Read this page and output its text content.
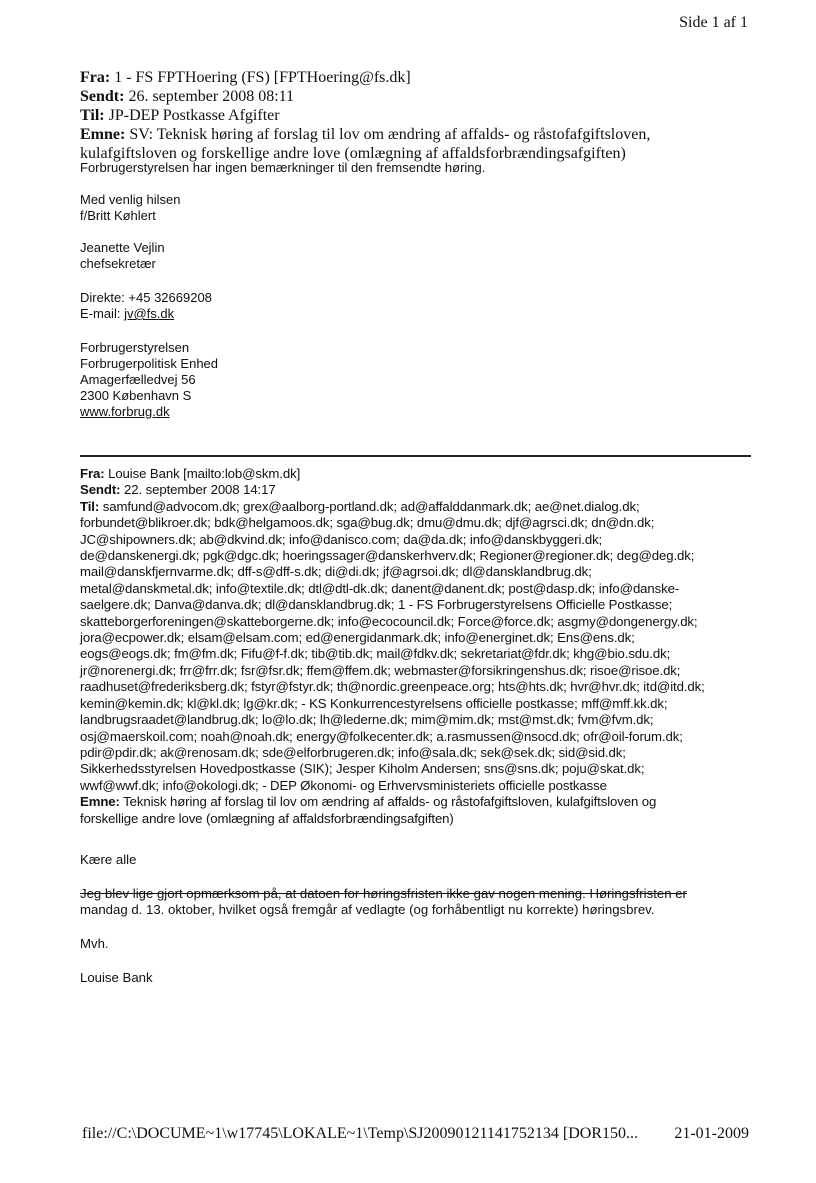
Side 1 af 1
Fra: 1 - FS FPTHoering (FS) [FPTHoering@fs.dk]
Sendt: 26. september 2008 08:11
Til: JP-DEP Postkasse Afgifter
Emne: SV: Teknisk høring af forslag til lov om ændring af affalds- og råstofafgiftsloven,
kulafgiftsloven og forskellige andre love (omlægning af affaldsforbrændingsafgiften)
Forbrugerstyrelsen har ingen bemærkninger til den fremsendte høring.
Med venlig hilsen
f/Britt Køhlert
Jeanette Vejlin
chefsekretær
Direkte: +45 32669208
E-mail: jv@fs.dk
Forbrugerstyrelsen
Forbrugerpolitisk Enhed
Amagerfælledvej 56
2300 København S
www.forbrug.dk
Fra: Louise Bank [mailto:lob@skm.dk]
Sendt: 22. september 2008 14:17
Til: samfund@advocom.dk; grex@aalborg-portland.dk; ad@affalddanmark.dk; ae@net.dialog.dk;
forbundet@blikroer.dk; bdk@helgamoos.dk; sga@bug.dk; dmu@dmu.dk; djf@agrsci.dk; dn@dn.dk;
JC@shipowners.dk; ab@dkvind.dk; info@danisco.com; da@da.dk; info@danskbyggeri.dk;
de@danskenergi.dk; pgk@dgc.dk; hoeringssager@danskerhverv.dk; Regioner@regioner.dk; deg@deg.dk;
mail@danskfjernvarme.dk; dff-s@dff-s.dk; di@di.dk; jf@agrsoi.dk; dl@dansklandbrug.dk;
metal@danskmetal.dk; info@textile.dk; dtl@dtl-dk.dk; danent@danent.dk; post@dasp.dk; info@danske-
saelgere.dk; Danva@danva.dk; dl@dansklandbrug.dk; 1 - FS Forbrugerstyrelsens Officielle Postkasse;
skatteborgerforeningen@skatteborgerne.dk; info@ecocouncil.dk; Force@force.dk; asgmy@dongenergy.dk;
jora@ecpower.dk; elsam@elsam.com; ed@energidanmark.dk; info@energinet.dk; Ens@ens.dk;
eogs@eogs.dk; fm@fm.dk; Fifu@f-f.dk; tib@tib.dk; mail@fdkv.dk; sekretariat@fdr.dk; khg@bio.sdu.dk;
jr@norenergi.dk; frr@frr.dk; fsr@fsr.dk; ffem@ffem.dk; webmaster@forsikringenshus.dk; risoe@risoe.dk;
raadhuset@frederiksberg.dk; fstyr@fstyr.dk; th@nordic.greenpeace.org; hts@hts.dk; hvr@hvr.dk; itd@itd.dk;
kemin@kemin.dk; kl@kl.dk; lg@kr.dk; - KS Konkurrencestyrelsens officielle postkasse; mff@mff.kk.dk;
landbrugsraadet@landbrug.dk; lo@lo.dk; lh@lederne.dk; mim@mim.dk; mst@mst.dk; fvm@fvm.dk;
osj@maerskoil.com; noah@noah.dk; energy@folkecenter.dk; a.rasmussen@nsocd.dk; ofr@oil-forum.dk;
pdir@pdir.dk; ak@renosam.dk; sde@elforbrugeren.dk; info@sala.dk; sek@sek.dk; sid@sid.dk;
Sikkerhedsstyrelsen Hovedpostkasse (SIK); Jesper Kiholm Andersen; sns@sns.dk; poju@skat.dk;
wwf@wwf.dk; info@okologi.dk; - DEP Økonomi- og Erhvervsministeriets officielle postkasse
Emne: Teknisk høring af forslag til lov om ændring af affalds- og råstofafgiftsloven, kulafgiftsloven og
forskellige andre love (omlægning af affaldsforbrændingsafgiften)
Kære alle
Jeg blev lige gjort opmærksom på, at datoen for høringsfristen ikke gav nogen mening. Høringsfristen er
mandag d. 13. oktober, hvilket også fremgår af vedlagte (og forhåbentligt nu korrekte) høringsbrev.
Mvh.
Louise Bank
file://C:\DOCUME~1\w17745\LOKALE~1\Temp\SJ20090121141752134 [DOR150... 21-01-2009
